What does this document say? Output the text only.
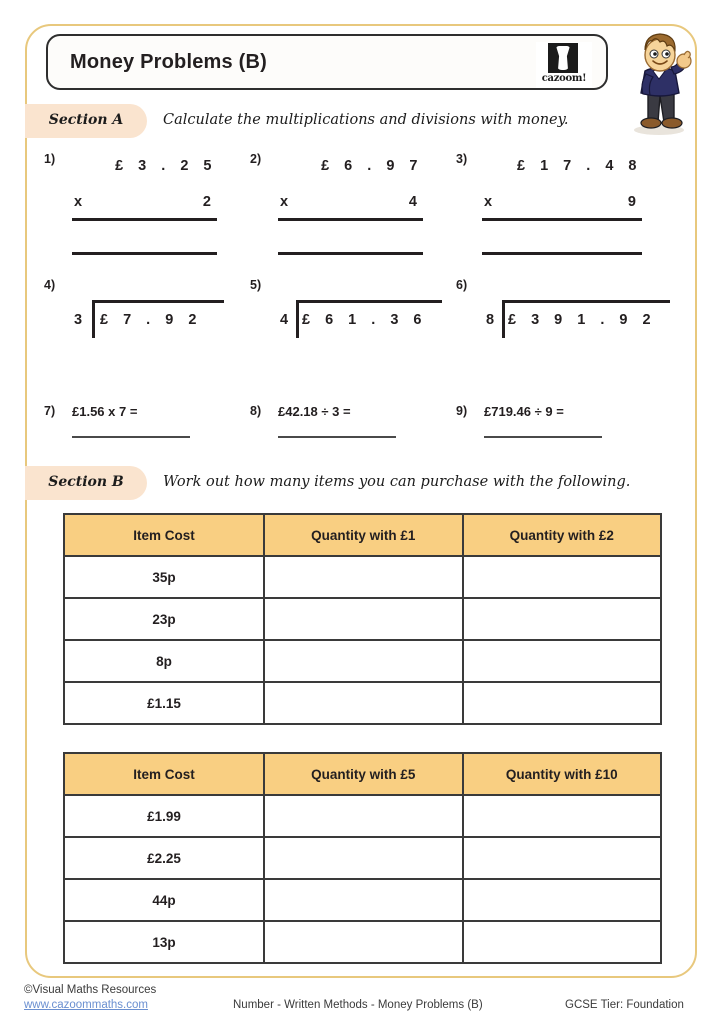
Money Problems (B)
cazoom!
Section A	Calculate the multiplications and divisions with money.
1)	£ 3 . 2 5
x	2
2)	£ 6 . 9 7
x	4
3)	£ 1 7 . 4 8
x	9
4)
3 £ 7 . 9 2
5)
4 £ 6 1 . 3 6
6)
8 £ 3 9 1 . 9 2
7) £1.56 x 7 =	8) £42.18 ÷ 3 =	9) £719.46 ÷ 9 =
Section B	Work out how many items you can purchase with the following.
Item Cost	Quantity with £1	Quantity with £2
35p		
23p		
8p		
£1.15		
Item Cost	Quantity with £5	Quantity with £10
£1.99		
£2.25		
44p		
13p		
©Visual Maths Resources
www.cazoommaths.com	Number - Written Methods - Money Problems (B)	GCSE Tier: Foundation
